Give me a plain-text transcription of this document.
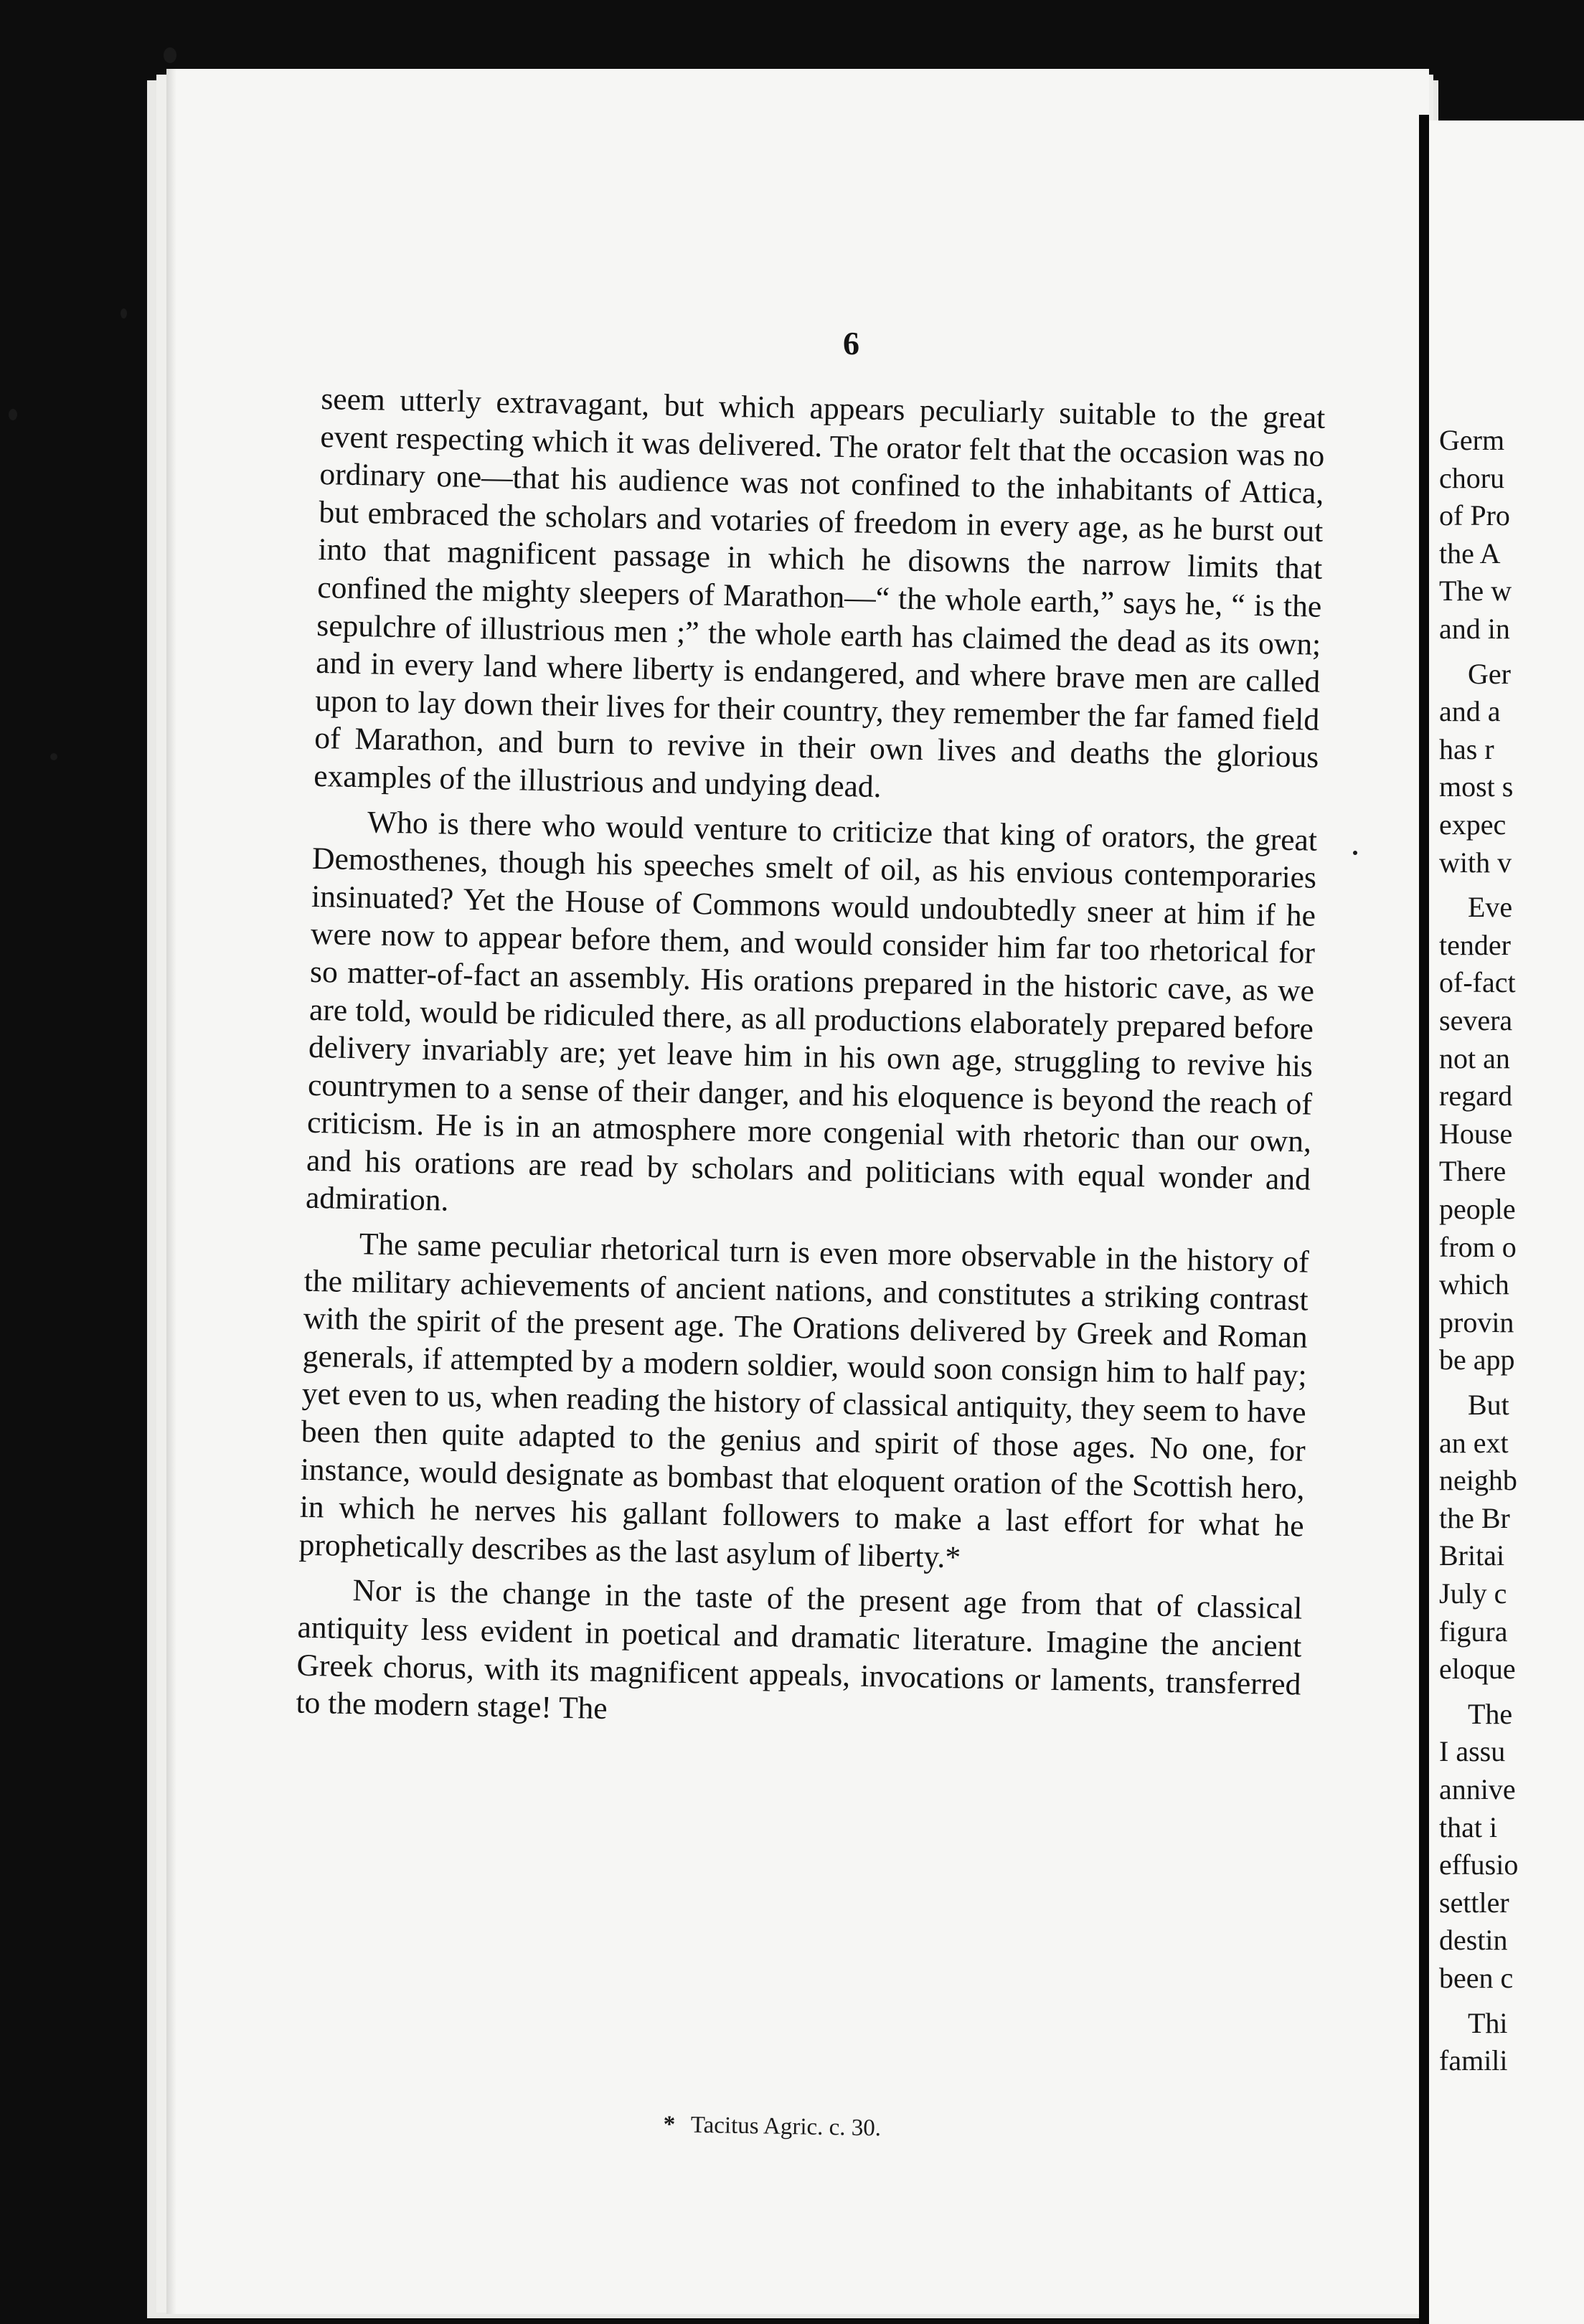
6

seem utterly extravagant, but which appears peculiarly suitable to the great event respecting which it was delivered. The orator felt that the occasion was no ordinary one—that his audience was not confined to the inhabitants of Attica, but embraced the scholars and votaries of freedom in every age, as he burst out into that magnificent passage in which he disowns the narrow limits that confined the mighty sleepers of Marathon—“ the whole earth,” says he, “ is the sepulchre of illustrious men ;” the whole earth has claimed the dead as its own; and in every land where liberty is endangered, and where brave men are called upon to lay down their lives for their country, they remember the far famed field of Marathon, and burn to revive in their own lives and deaths the glorious examples of the illustrious and undying dead.

Who is there who would venture to criticize that king of orators, the great Demosthenes, though his speeches smelt of oil, as his envious contemporaries insinuated? Yet the House of Commons would undoubtedly sneer at him if he were now to appear before them, and would consider him far too rhetorical for so matter-of-fact an assembly. His orations prepared in the historic cave, as we are told, would be ridiculed there, as all productions elaborately prepared before delivery invariably are; yet leave him in his own age, struggling to revive his countrymen to a sense of their danger, and his eloquence is beyond the reach of criticism. He is in an atmosphere more congenial with rhetoric than our own, and his orations are read by scholars and politicians with equal wonder and admiration.

The same peculiar rhetorical turn is even more observable in the history of the military achievements of ancient nations, and constitutes a striking contrast with the spirit of the present age. The Orations delivered by Greek and Roman generals, if attempted by a modern soldier, would soon consign him to half pay; yet even to us, when reading the history of classical antiquity, they seem to have been then quite adapted to the genius and spirit of those ages. No one, for instance, would designate as bombast that eloquent oration of the Scottish hero, in which he nerves his gallant followers to make a last effort for what he prophetically describes as the last asylum of liberty.*

Nor is the change in the taste of the present age from that of classical antiquity less evident in poetical and dramatic literature. Imagine the ancient Greek chorus, with its magnificent appeals, invocations or laments, transferred to the modern stage! The

* Tacitus Agric. c. 30.
Germ
choru
of Pro
the A
The w
and in
Ger
and a
has r
most s
expec
with v
Eve
tender
of-fact
severa
not an
regard
House
There
people
from o
which
provin
be app
But
an ext
neighb
the Br
Britai
July c
figura
eloque
The
I assu
annive
that i
effusio
settler
destin
been c
Thi
famili
